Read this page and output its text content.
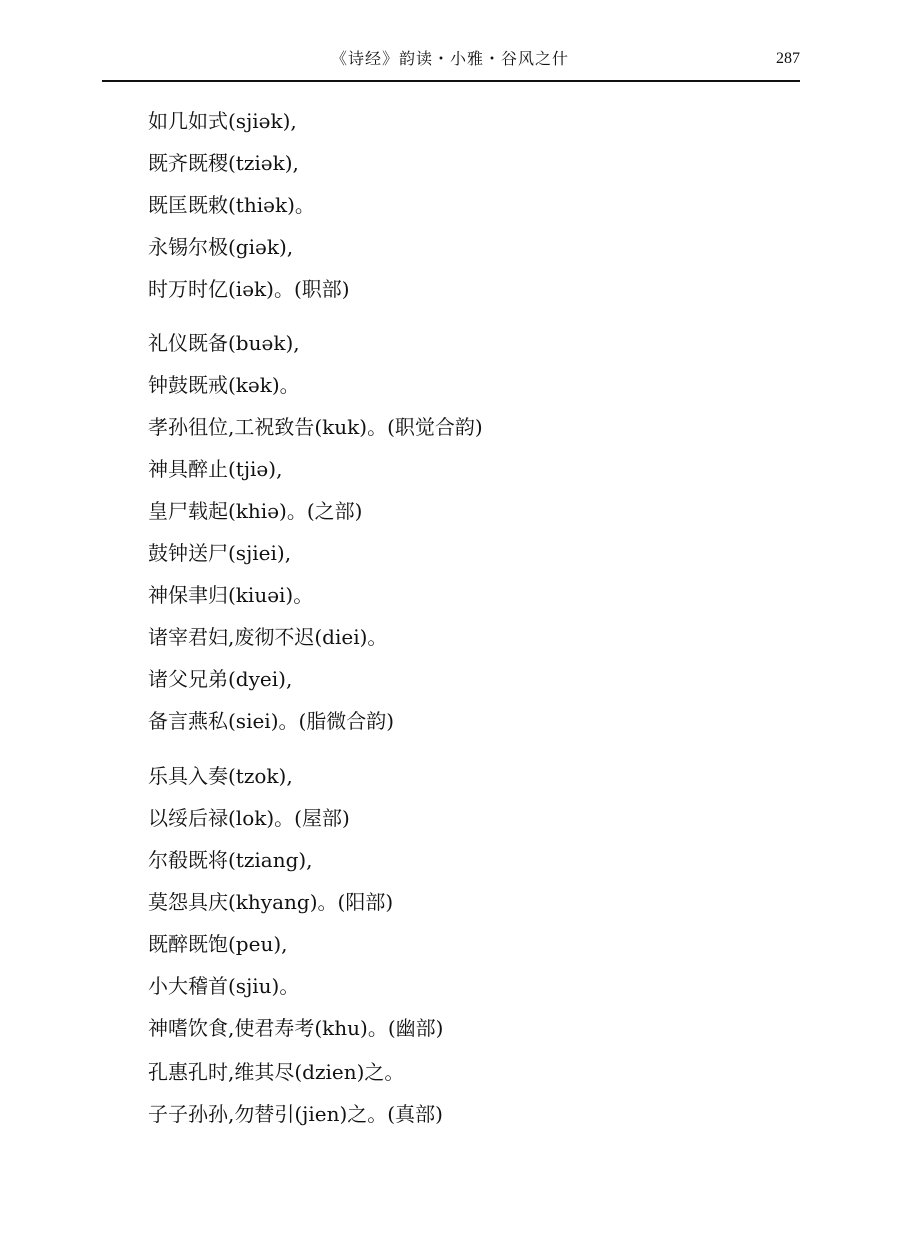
《诗经》韵读・小雅・谷风之什	287
如几如式(sjiək),
既齐既稷(tziək),
既匡既敕(thiək)。
永锡尔极(giək),
时万时亿(iək)。(职部)
礼仪既备(buək),
钟鼓既戒(kək)。
孝孙徂位,工祝致告(kuk)。(职觉合韵)
神具醉止(tjiə),
皇尸载起(khiə)。(之部)
鼓钟送尸(sjiei),
神保聿归(kiuəi)。
诸宰君妇,废彻不迟(diei)。
诸父兄弟(dyei),
备言燕私(siei)。(脂微合韵)
乐具入奏(tzok),
以绥后禄(lok)。(屋部)
尔殽既将(tziang),
莫怨具庆(khyang)。(阳部)
既醉既饱(peu),
小大稽首(sjiu)。
神嗜饮食,使君寿考(khu)。(幽部)
孔惠孔时,维其尽(dzien)之。
子子孙孙,勿替引(jien)之。(真部)
